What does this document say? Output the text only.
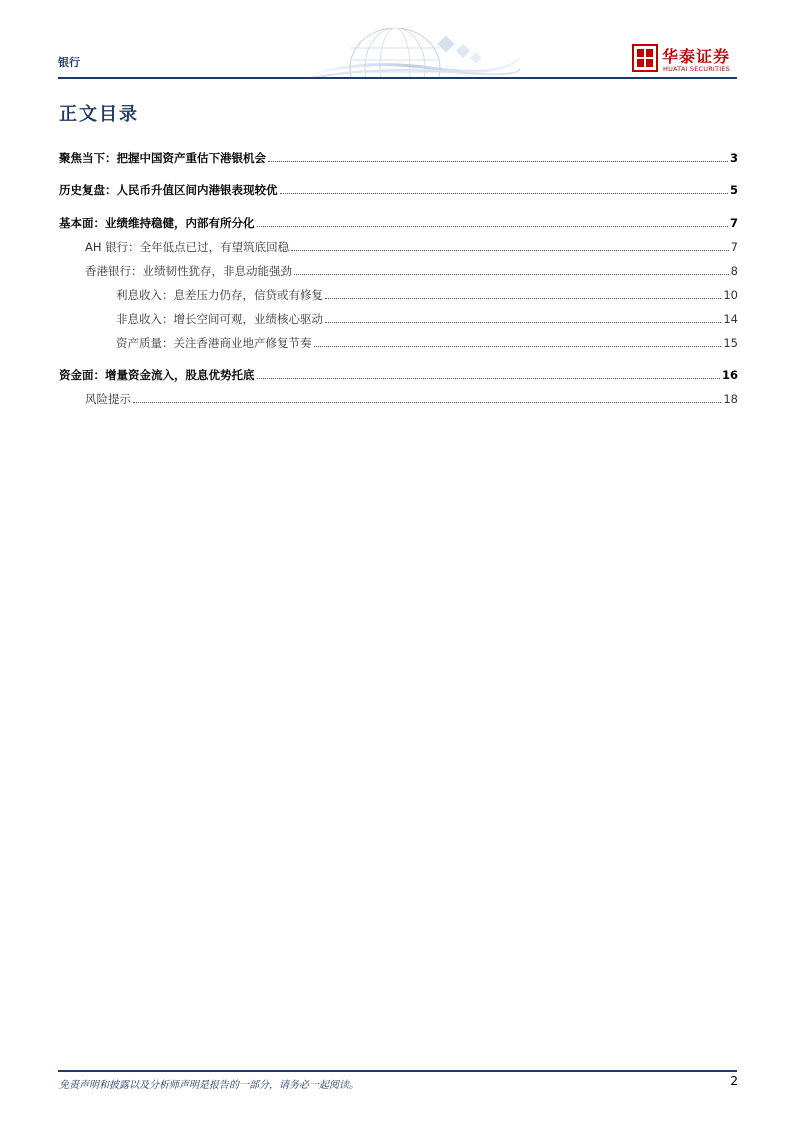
银行	华泰证券
HUATAI SECURITIES
正文目录
聚焦当下：把握中国资产重估下港银机会	3
历史复盘：人民币升值区间内港银表现较优	5
基本面：业绩维持稳健，内部有所分化	7
AH 银行：全年低点已过，有望筑底回稳	7
香港银行：业绩韧性犹存，非息动能强劲	8
利息收入：息差压力仍存，信贷或有修复	10
非息收入：增长空间可观，业绩核心驱动	14
资产质量：关注香港商业地产修复节奏	15
资金面：增量资金流入，股息优势托底	16
风险提示	18
免责声明和披露以及分析师声明是报告的一部分，请务必一起阅读。	2
